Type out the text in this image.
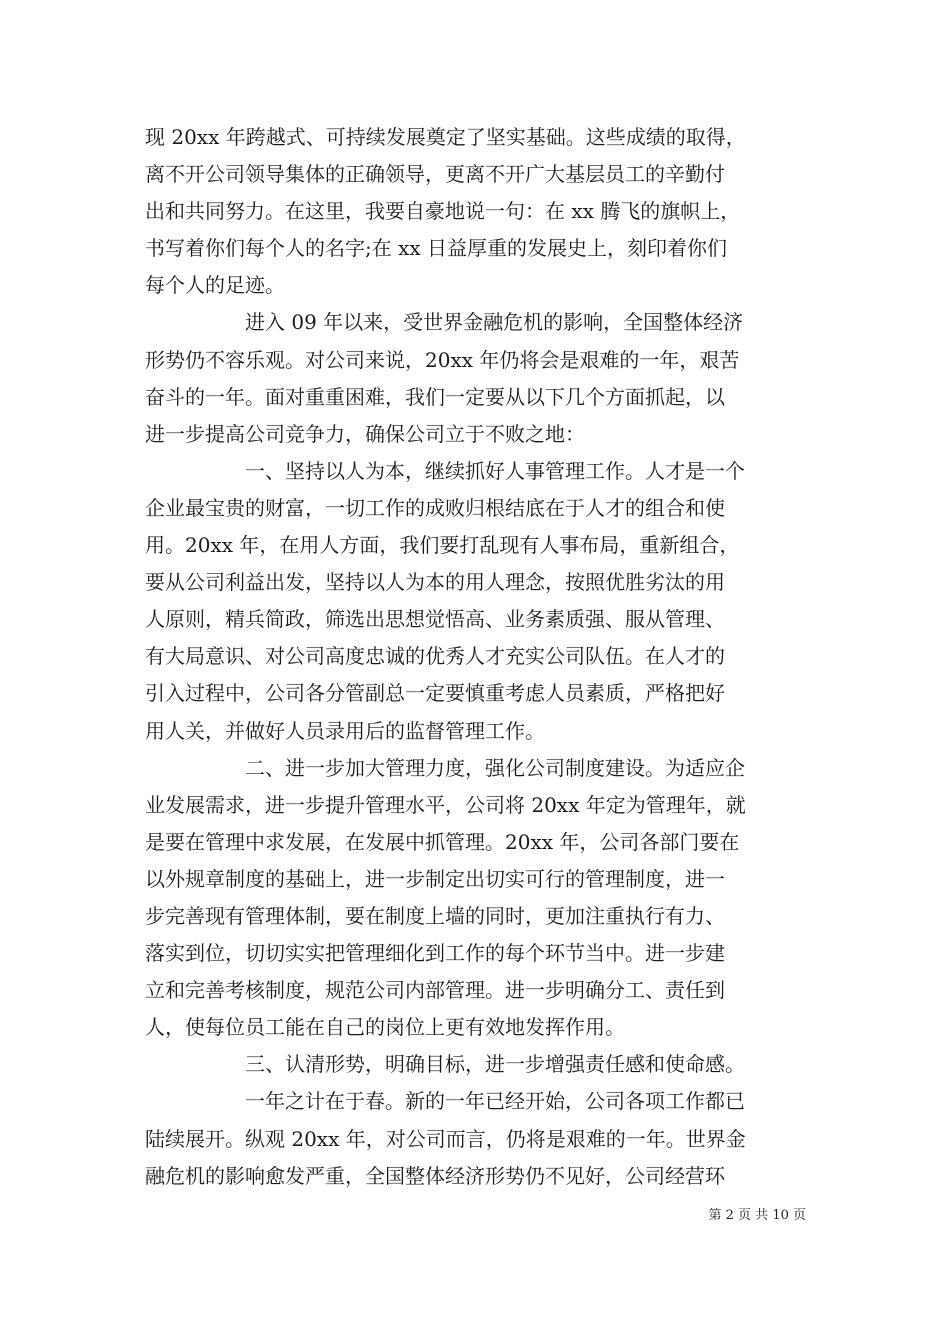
现 20xx 年跨越式、可持续发展奠定了坚实基础。这些成绩的取得，
离不开公司领导集体的正确领导，更离不开广大基层员工的辛勤付
出和共同努力。在这里，我要自豪地说一句：在 xx 腾飞的旗帜上，
书写着你们每个人的名字;在 xx 日益厚重的发展史上，刻印着你们
每个人的足迹。
进入 09 年以来，受世界金融危机的影响，全国整体经济
形势仍不容乐观。对公司来说，20xx 年仍将会是艰难的一年，艰苦
奋斗的一年。面对重重困难，我们一定要从以下几个方面抓起，以
进一步提高公司竞争力，确保公司立于不败之地：
一、坚持以人为本，继续抓好人事管理工作。人才是一个
企业最宝贵的财富，一切工作的成败归根结底在于人才的组合和使
用。20xx 年，在用人方面，我们要打乱现有人事布局，重新组合，
要从公司利益出发，坚持以人为本的用人理念，按照优胜劣汰的用
人原则，精兵简政，筛选出思想觉悟高、业务素质强、服从管理、
有大局意识、对公司高度忠诚的优秀人才充实公司队伍。在人才的
引入过程中，公司各分管副总一定要慎重考虑人员素质，严格把好
用人关，并做好人员录用后的监督管理工作。
二、进一步加大管理力度，强化公司制度建设。为适应企
业发展需求，进一步提升管理水平，公司将 20xx 年定为管理年，就
是要在管理中求发展，在发展中抓管理。20xx 年，公司各部门要在
以外规章制度的基础上，进一步制定出切实可行的管理制度，进一
步完善现有管理体制，要在制度上墙的同时，更加注重执行有力、
落实到位，切切实实把管理细化到工作的每个环节当中。进一步建
立和完善考核制度，规范公司内部管理。进一步明确分工、责任到
人，使每位员工能在自己的岗位上更有效地发挥作用。
三、认清形势，明确目标，进一步增强责任感和使命感。
一年之计在于春。新的一年已经开始，公司各项工作都已
陆续展开。纵观 20xx 年，对公司而言，仍将是艰难的一年。世界金
融危机的影响愈发严重，全国整体经济形势仍不见好，公司经营环
第 2 页 共 10 页
